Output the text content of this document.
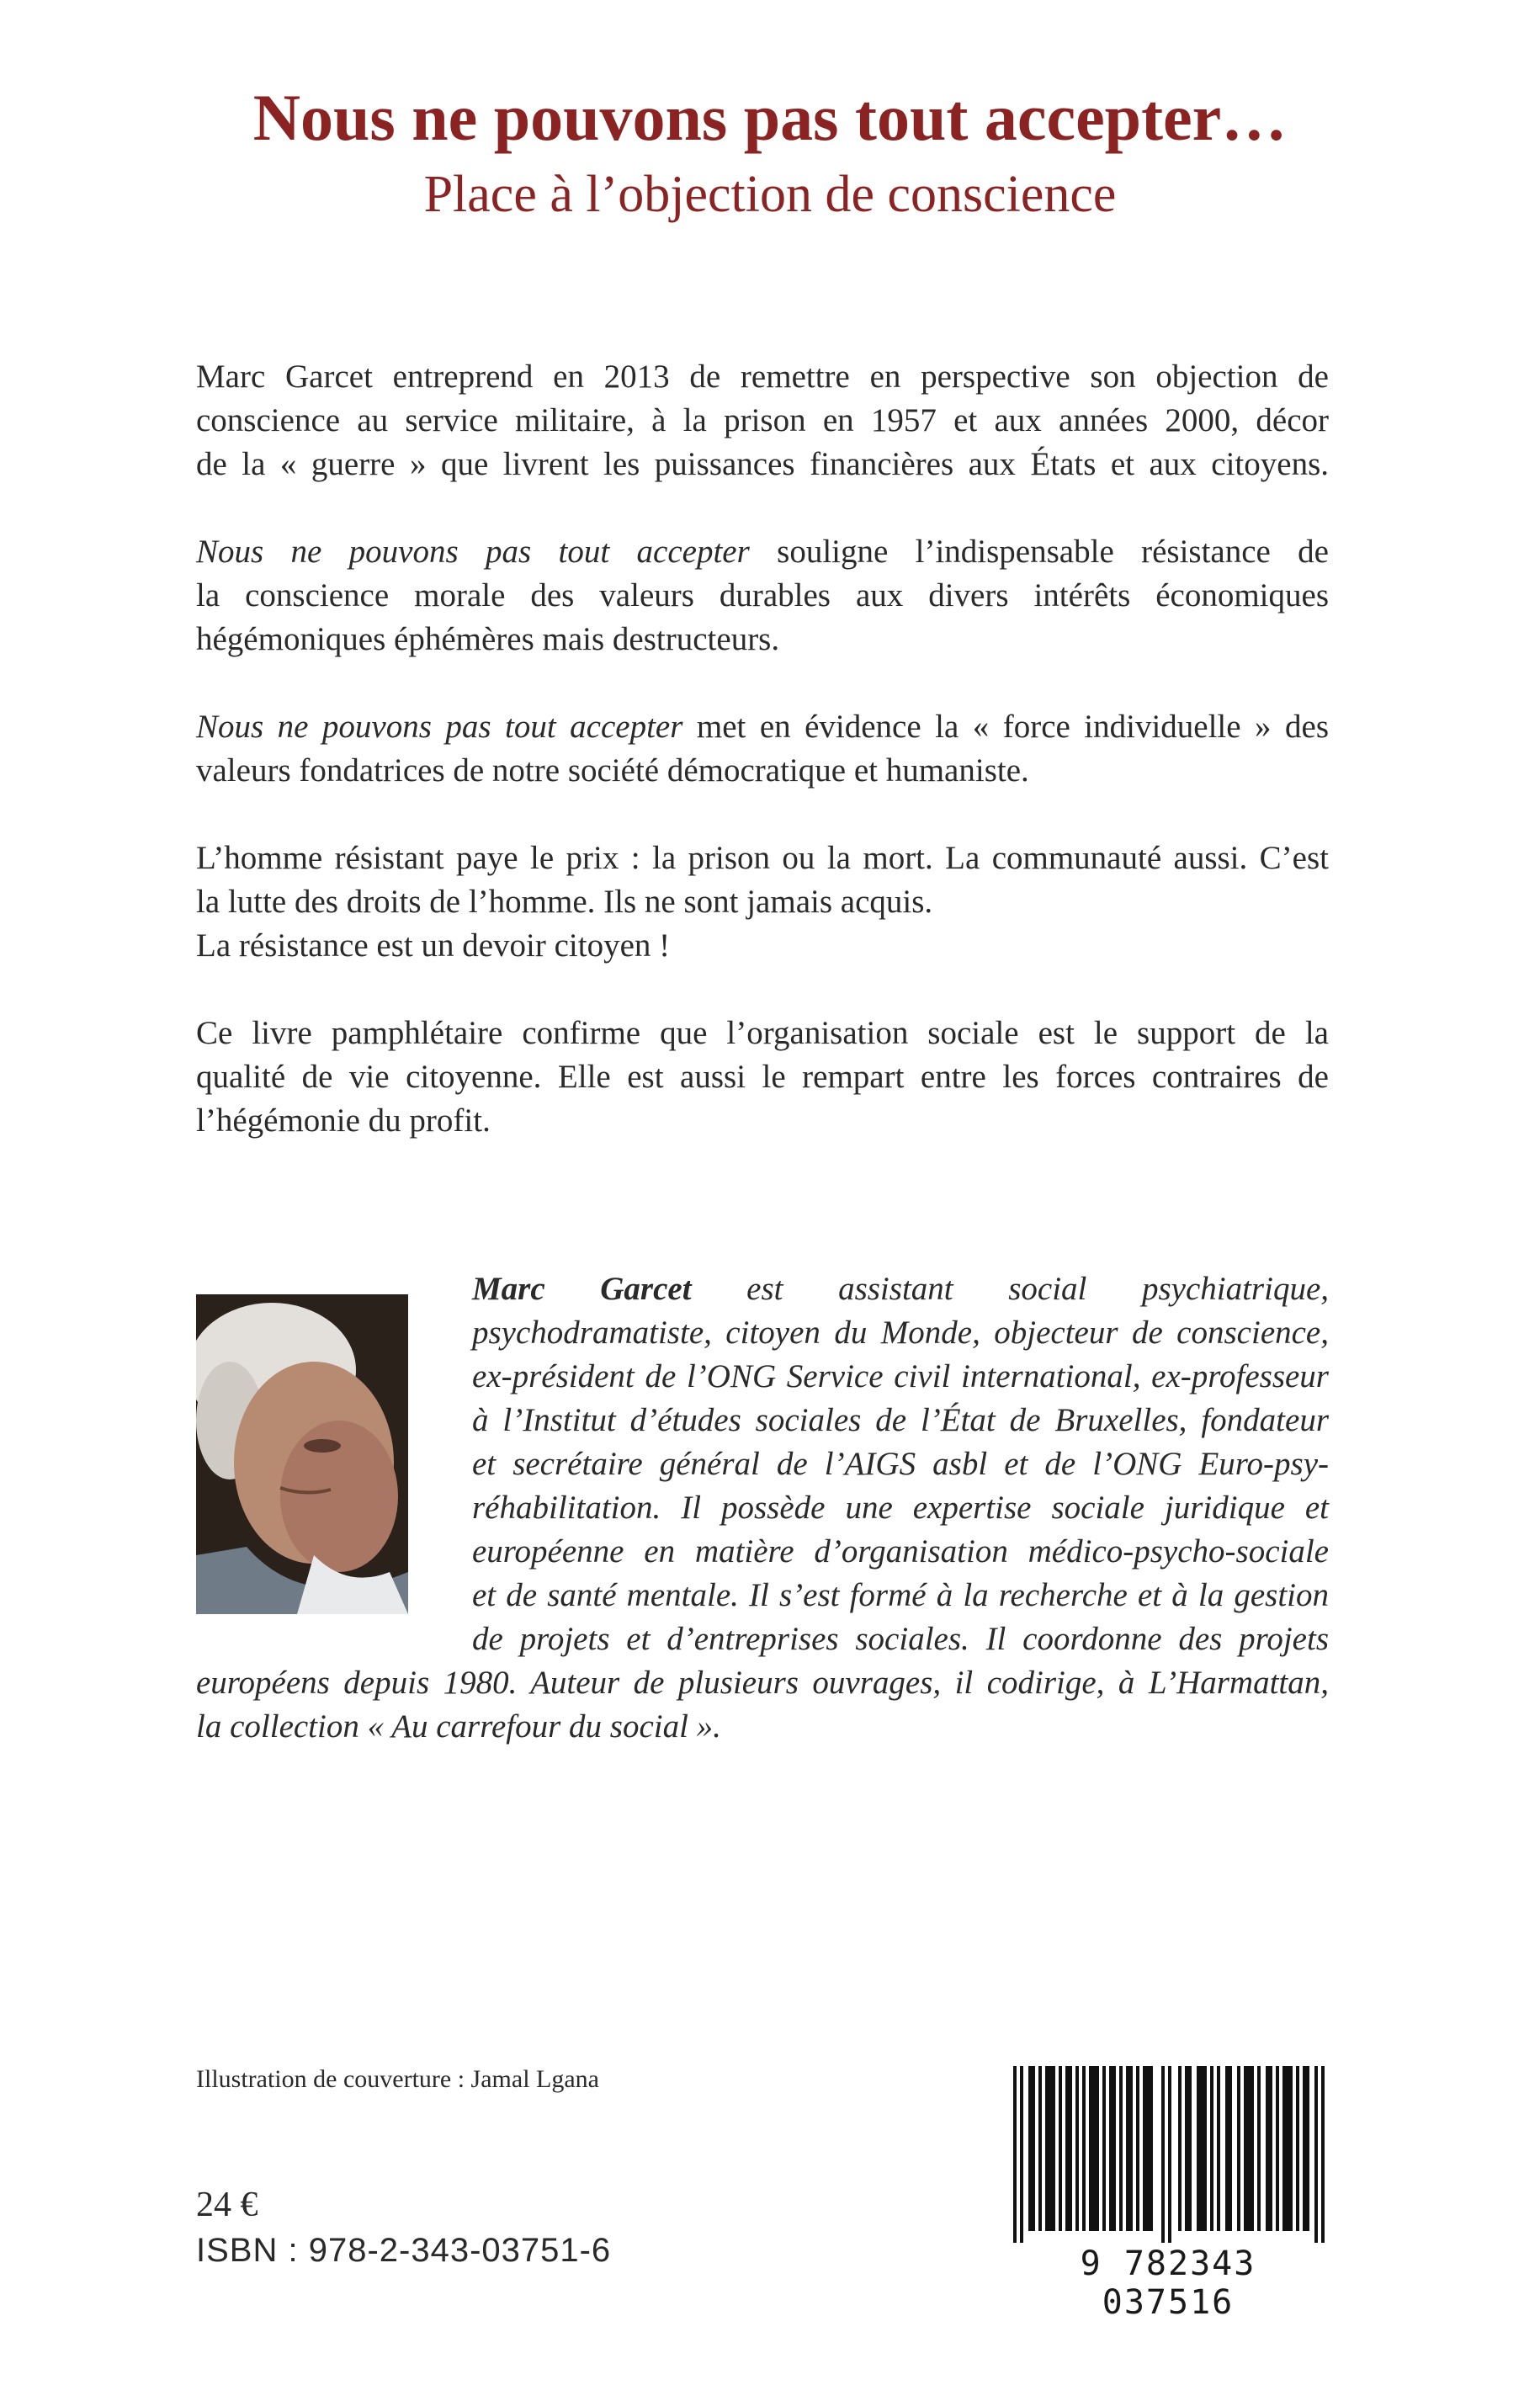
Nous ne pouvons pas tout accepter…
Place à l’objection de conscience

Marc Garcet entreprend en 2013 de remettre en perspective son objection de
conscience au service militaire, à la prison en 1957 et aux années 2000, décor
de la « guerre » que livrent les puissances financières aux États et aux citoyens.

Nous ne pouvons pas tout accepter souligne l’indispensable résistance de
la conscience morale des valeurs durables aux divers intérêts économiques
hégémoniques éphémères mais destructeurs.

Nous ne pouvons pas tout accepter met en évidence la « force individuelle » des
valeurs fondatrices de notre société démocratique et humaniste.

L’homme résistant paye le prix : la prison ou la mort. La communauté aussi. C’est
la lutte des droits de l’homme. Ils ne sont jamais acquis.
La résistance est un devoir citoyen !

Ce livre pamphlétaire confirme que l’organisation sociale est le support de la
qualité de vie citoyenne. Elle est aussi le rempart entre les forces contraires de
l’hégémonie du profit.

Marc Garcet est assistant social psychiatrique,
psychodramatiste, citoyen du Monde, objecteur de conscience,
ex-président de l’ONG Service civil international, ex-professeur
à l’Institut d’études sociales de l’État de Bruxelles, fondateur
et secrétaire général de l’AIGS asbl et de l’ONG Euro-psy-
réhabilitation. Il possède une expertise sociale juridique et
européenne en matière d’organisation médico-psycho-sociale
et de santé mentale. Il s’est formé à la recherche et à la gestion
de projets et d’entreprises sociales. Il coordonne des projets
européens depuis 1980. Auteur de plusieurs ouvrages, il codirige, à L’Harmattan,
la collection « Au carrefour du social ».
Illustration de couverture : Jamal Lgana
24 €
ISBN : 978-2-343-03751-6	9 782343 037516
